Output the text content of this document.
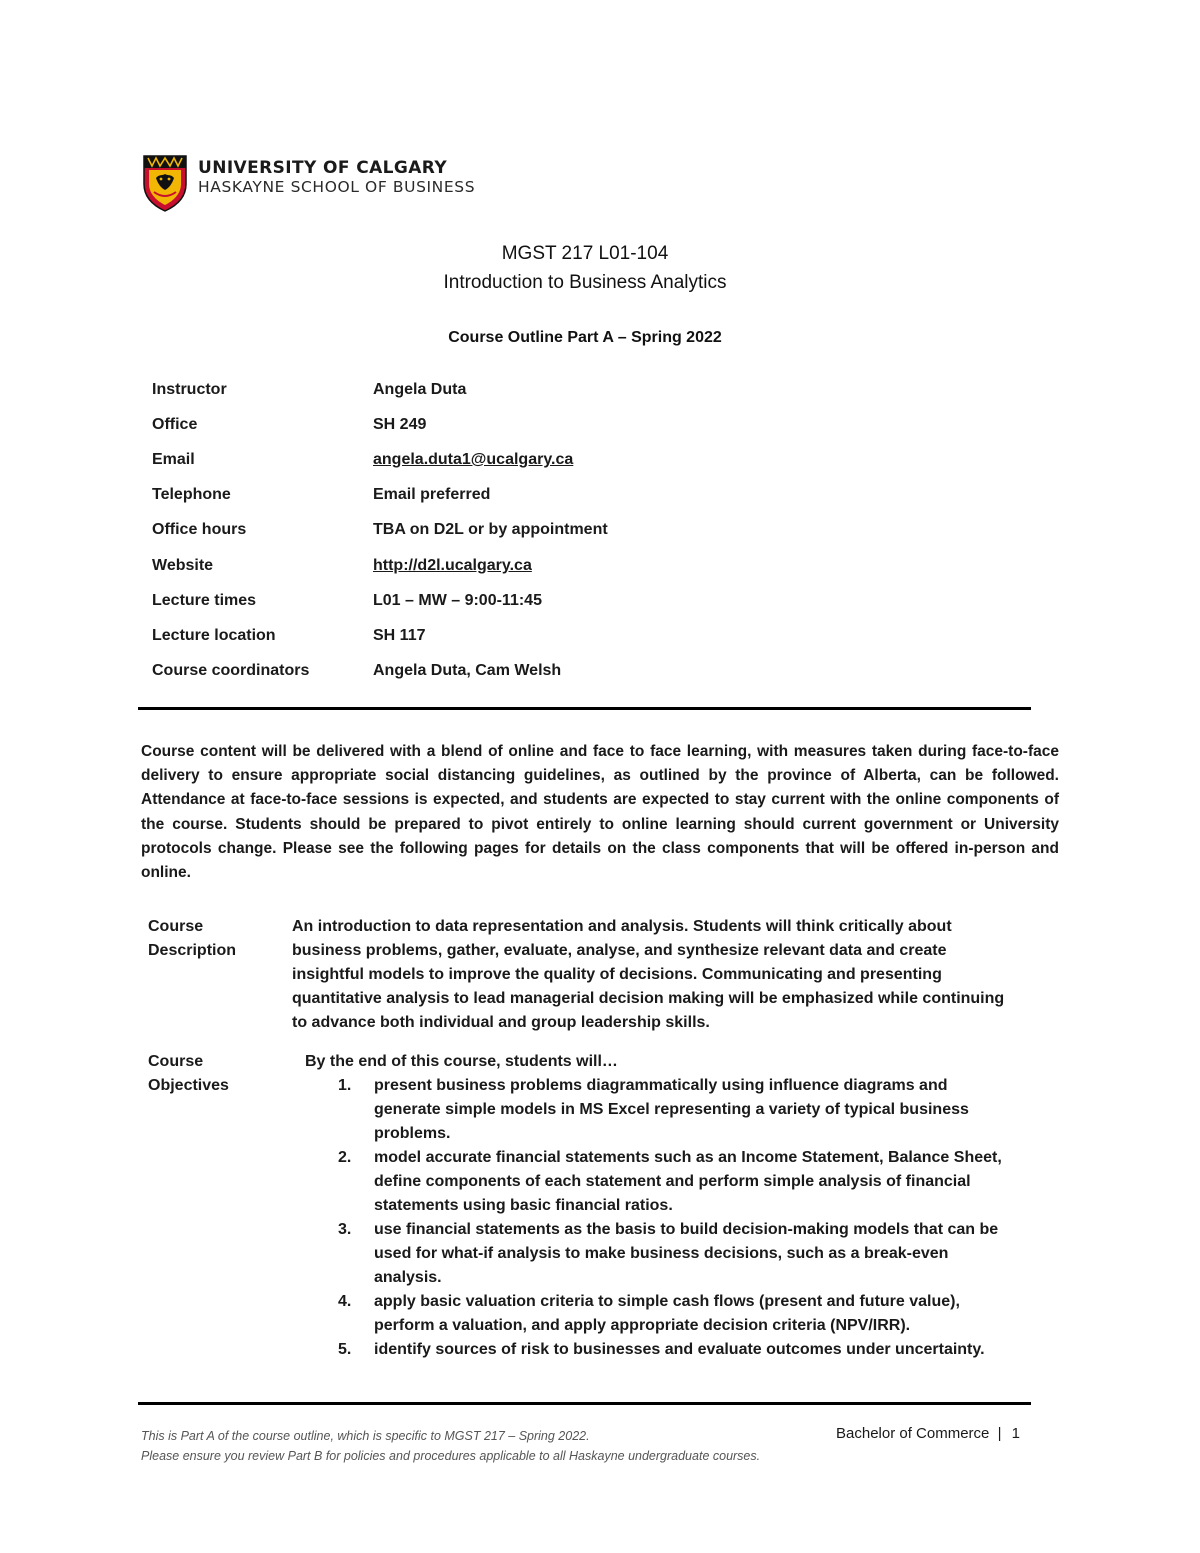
UNIVERSITY OF CALGARY
HASKAYNE SCHOOL OF BUSINESS
MGST 217 L01-104
Introduction to Business Analytics
Course Outline Part A – Spring 2022
Instructor	Angela Duta
Office	SH 249
Email	angela.duta1@ucalgary.ca
Telephone	Email preferred
Office hours	TBA on D2L or by appointment
Website	http://d2l.ucalgary.ca
Lecture times	L01 – MW – 9:00-11:45
Lecture location	SH 117
Course coordinators	Angela Duta, Cam Welsh
Course content will be delivered with a blend of online and face to face learning, with measures taken during face-to-face delivery to ensure appropriate social distancing guidelines, as outlined by the province of Alberta, can be followed. Attendance at face-to-face sessions is expected, and students are expected to stay current with the online components of the course. Students should be prepared to pivot entirely to online learning should current government or University protocols change. Please see the following pages for details on the class components that will be offered in-person and online.
Course
Description
An introduction to data representation and analysis. Students will think critically about business problems, gather, evaluate, analyse, and synthesize relevant data and create insightful models to improve the quality of decisions. Communicating and presenting quantitative analysis to lead managerial decision making will be emphasized while continuing to advance both individual and group leadership skills.
Course
Objectives
By the end of this course, students will…
1. present business problems diagrammatically using influence diagrams and generate simple models in MS Excel representing a variety of typical business problems.
2. model accurate financial statements such as an Income Statement, Balance Sheet, define components of each statement and perform simple analysis of financial statements using basic financial ratios.
3. use financial statements as the basis to build decision-making models that can be used for what-if analysis to make business decisions, such as a break-even analysis.
4. apply basic valuation criteria to simple cash flows (present and future value), perform a valuation, and apply appropriate decision criteria (NPV/IRR).
5. identify sources of risk to businesses and evaluate outcomes under uncertainty.
This is Part A of the course outline, which is specific to MGST 217 – Spring 2022.
Please ensure you review Part B for policies and procedures applicable to all Haskayne undergraduate courses.
Bachelor of Commerce | 1
